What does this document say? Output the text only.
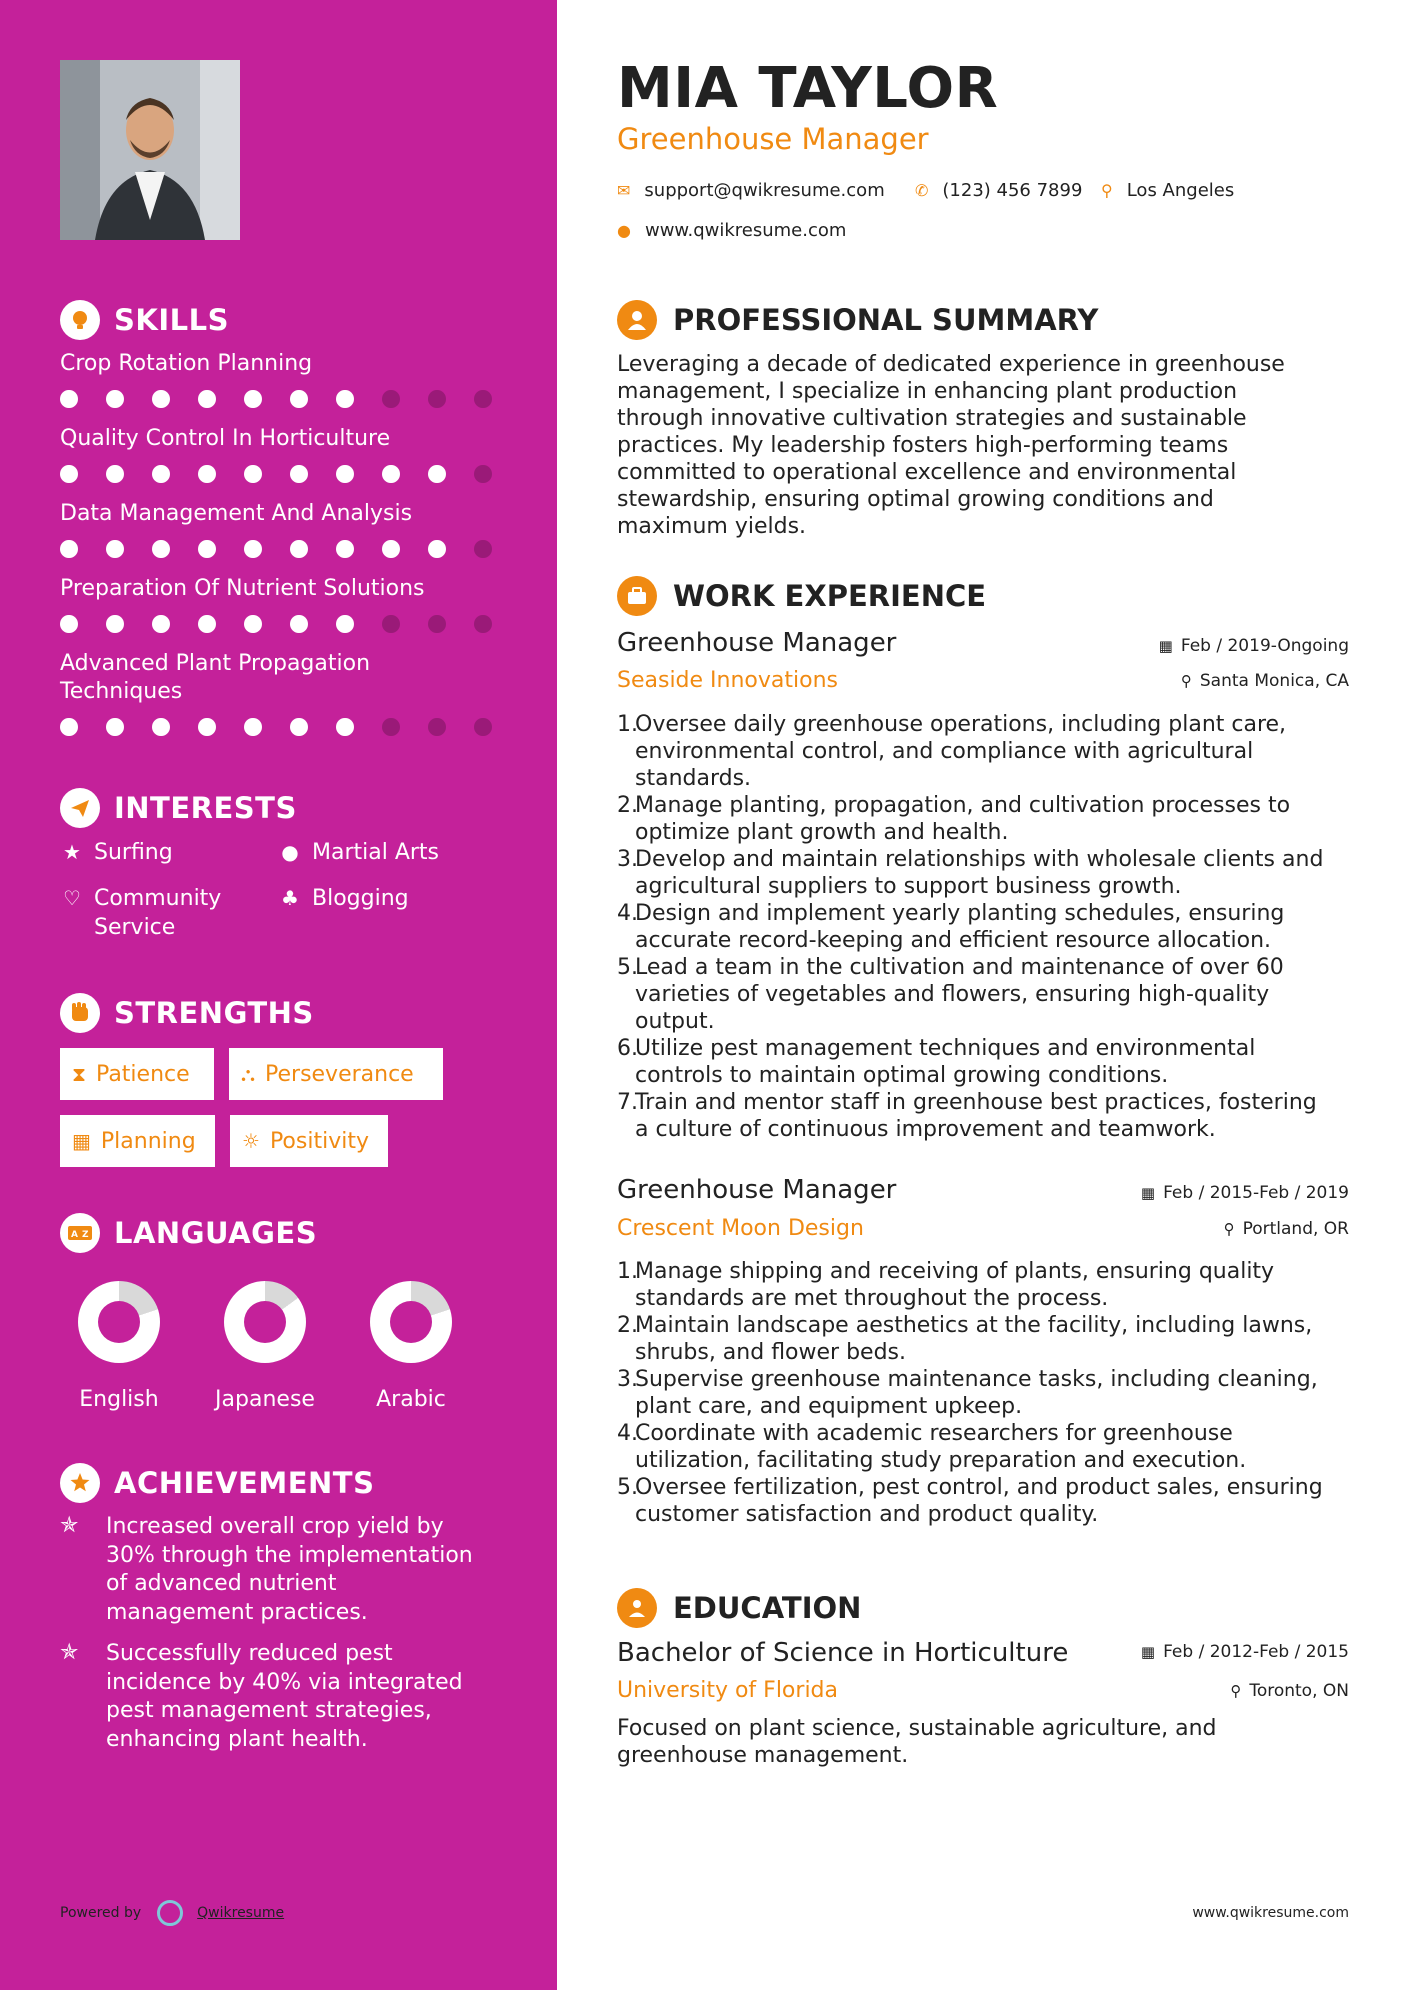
SKILLS
Crop Rotation Planning
Quality Control In Horticulture
Data Management And Analysis
Preparation Of Nutrient Solutions
Advanced Plant Propagation
Techniques
INTERESTS
★ Surfing	● Martial Arts
♡ Community
Service
♣ Blogging
STRENGTHS
⧗ Patience	⛬ Perseverance
▦ Planning ☼ Positivity
A Z LANGUAGES
English	Japanese	Arabic
ACHIEVEMENTS
✯	Increased overall crop yield by
30% through the implementation
of advanced nutrient
management practices.
✯	Successfully reduced pest
incidence by 40% via integrated
pest management strategies,
enhancing plant health.
Powered by	Qwikresume
MIA TAYLOR
Greenhouse Manager
✉ support@qwikresume.com ✆ (123) 456 7899 ⚲ Los Angeles
● www.qwikresume.com
PROFESSIONAL SUMMARY
Leveraging a decade of dedicated experience in greenhouse
management, I specialize in enhancing plant production
through innovative cultivation strategies and sustainable
practices. My leadership fosters high-performing teams
committed to operational excellence and environmental
stewardship, ensuring optimal growing conditions and
maximum yields.
WORK EXPERIENCE
Greenhouse Manager	▦ Feb / 2019-Ongoing
Seaside Innovations	⚲ Santa Monica, CA
1.
Oversee daily greenhouse operations, including plant care,
environmental control, and compliance with agricultural
standards.
2.
Manage planting, propagation, and cultivation processes to
optimize plant growth and health.
3.
Develop and maintain relationships with wholesale clients and
agricultural suppliers to support business growth.
4.
Design and implement yearly planting schedules, ensuring
accurate record-keeping and efficient resource allocation.
5.
Lead a team in the cultivation and maintenance of over 60
varieties of vegetables and flowers, ensuring high-quality
output.
6.
Utilize pest management techniques and environmental
controls to maintain optimal growing conditions.
7.
Train and mentor staff in greenhouse best practices, fostering
a culture of continuous improvement and teamwork.
Greenhouse Manager	▦ Feb / 2015-Feb / 2019
Crescent Moon Design	⚲ Portland, OR
1.
Manage shipping and receiving of plants, ensuring quality
standards are met throughout the process.
2.
Maintain landscape aesthetics at the facility, including lawns,
shrubs, and flower beds.
3.
Supervise greenhouse maintenance tasks, including cleaning,
plant care, and equipment upkeep.
4.
Coordinate with academic researchers for greenhouse
utilization, facilitating study preparation and execution.
5.
Oversee fertilization, pest control, and product sales, ensuring
customer satisfaction and product quality.
EDUCATION
Bachelor of Science in Horticulture	▦ Feb / 2012-Feb / 2015
University of Florida	⚲ Toronto, ON
Focused on plant science, sustainable agriculture, and
greenhouse management.
www.qwikresume.com
